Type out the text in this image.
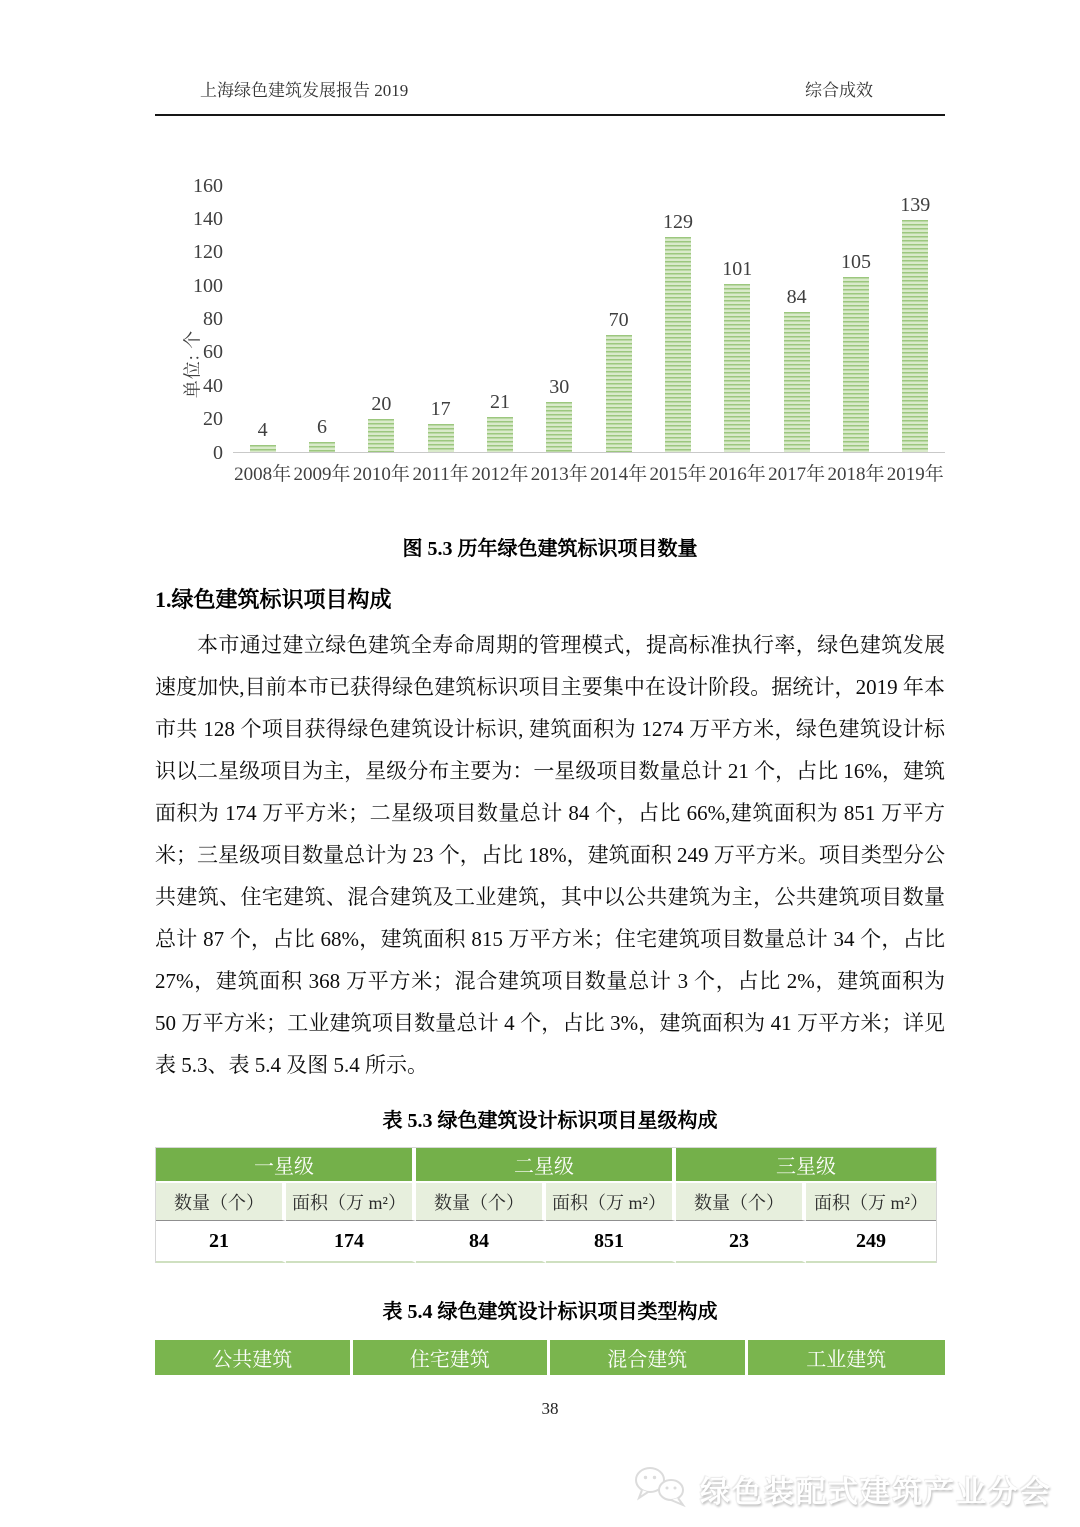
上海绿色建筑发展报告 2019	综合成效
单位: 个
160
140
120
100
80
60
40
20
0
4 6
20 17 21
30
70
129
101
84
105
139
2008年 2009年 2010年 2011年 2012年 2013年 2014年 2015年 2016年 2017年 2018年 2019年
图 5.3 历年绿色建筑标识项目数量
1.绿色建筑标识项目构成
本市通过建立绿色建筑全寿命周期的管理模式，提高标准执行率，绿色建筑发展速度加快,目前本市已获得绿色建筑标识项目主要集中在设计阶段。据统计，2019 年本市共 128 个项目获得绿色建筑设计标识, 建筑面积为 1274 万平方米，绿色建筑设计标识以二星级项目为主，星级分布主要为：一星级项目数量总计 21 个，占比 16%，建筑面积为 174 万平方米；二星级项目数量总计 84 个，占比 66%,建筑面积为 851 万平方米；三星级项目数量总计为 23 个，占比 18%，建筑面积 249 万平方米。项目类型分公共建筑、住宅建筑、混合建筑及工业建筑，其中以公共建筑为主，公共建筑项目数量总计 87 个，占比 68%，建筑面积 815 万平方米；住宅建筑项目数量总计 34 个，占比 27%，建筑面积 368 万平方米；混合建筑项目数量总计 3 个，占比 2%，建筑面积为 50 万平方米；工业建筑项目数量总计 4 个，占比 3%，建筑面积为 41 万平方米；详见表 5.3、表 5.4 及图 5.4 所示。
表 5.3 绿色建筑设计标识项目星级构成
一星级	二星级	三星级
数量（个）	面积（万 m²）	数量（个）	面积（万 m²）	数量（个）	面积（万 m²）
21	174	84	851	23	249
表 5.4 绿色建筑设计标识项目类型构成
公共建筑	住宅建筑	混合建筑	工业建筑
38
绿色装配式建筑产业分会
